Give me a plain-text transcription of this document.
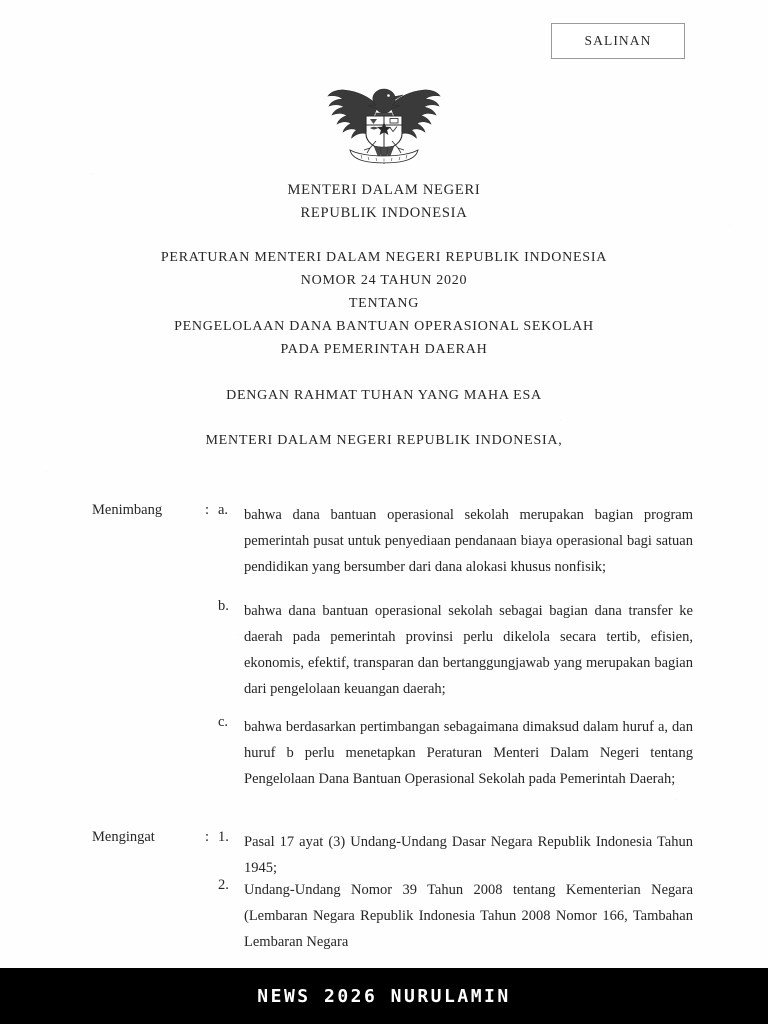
SALINAN
MENTERI DALAM NEGERI
REPUBLIK INDONESIA
PERATURAN MENTERI DALAM NEGERI REPUBLIK INDONESIA
NOMOR 24 TAHUN 2020
TENTANG
PENGELOLAAN DANA BANTUAN OPERASIONAL SEKOLAH
PADA PEMERINTAH DAERAH
DENGAN RAHMAT TUHAN YANG MAHA ESA
MENTERI DALAM NEGERI REPUBLIK INDONESIA,
Menimbang	: a.	bahwa dana bantuan operasional sekolah merupakan bagian program pemerintah pusat untuk penyediaan pendanaan biaya operasional bagi satuan pendidikan yang bersumber dari dana alokasi khusus nonfisik;
b.	bahwa dana bantuan operasional sekolah sebagai bagian dana transfer ke daerah pada pemerintah provinsi perlu dikelola secara tertib, efisien, ekonomis, efektif, transparan dan bertanggungjawab yang merupakan bagian dari pengelolaan keuangan daerah;
c.	bahwa berdasarkan pertimbangan sebagaimana dimaksud dalam huruf a, dan huruf b perlu menetapkan Peraturan Menteri Dalam Negeri tentang Pengelolaan Dana Bantuan Operasional Sekolah pada Pemerintah Daerah;
Mengingat	: 1.	Pasal 17 ayat (3) Undang-Undang Dasar Negara Republik Indonesia Tahun 1945;
2.	Undang-Undang Nomor 39 Tahun 2008 tentang Kementerian Negara (Lembaran Negara Republik Indonesia Tahun 2008 Nomor 166, Tambahan Lembaran Negara
NEWS 2026 NURULAMIN
